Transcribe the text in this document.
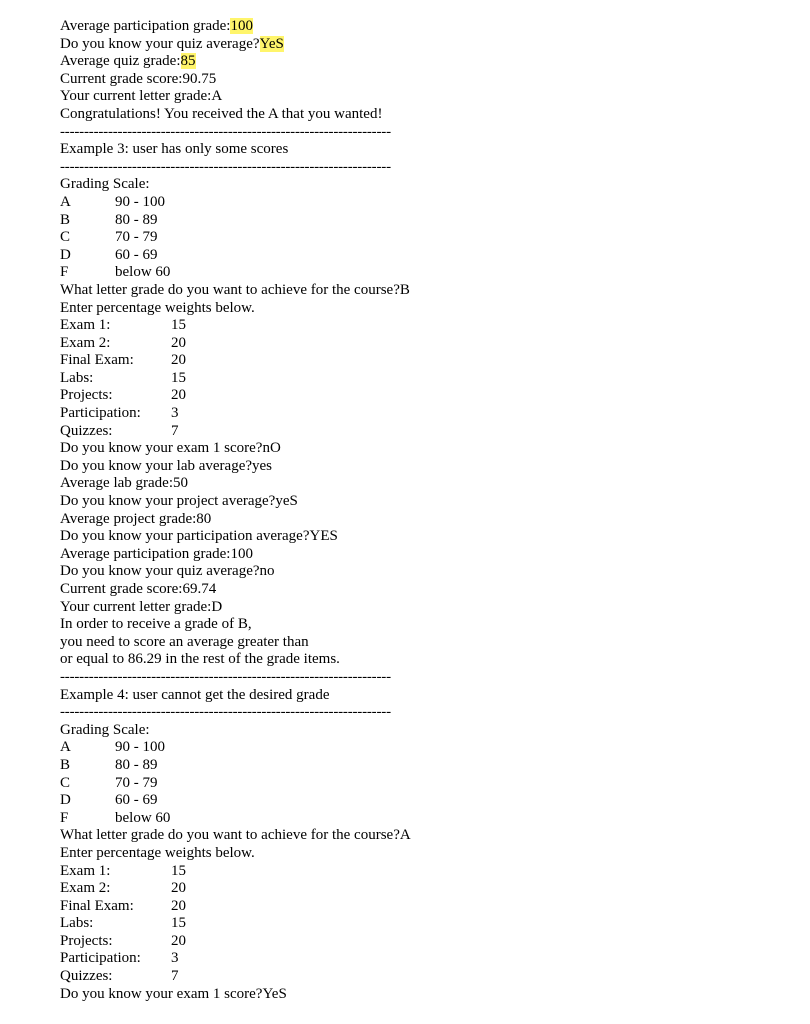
Average participation grade:100
Do you know your quiz average?YeS
Average quiz grade:85
Current grade score:90.75
Your current letter grade:A
Congratulations! You received the A that you wanted!
---------------------------------------------------------------------
Example 3: user has only some scores
---------------------------------------------------------------------
Grading Scale:
A	90 - 100
B	80 - 89
C	70 - 79
D	60 - 69
F	below 60
What letter grade do you want to achieve for the course?B
Enter percentage weights below.
Exam 1:	15
Exam 2:	20
Final Exam: 20
Labs:	15
Projects:	20
Participation: 3
Quizzes:	7
Do you know your exam 1 score?nO
Do you know your lab average?yes
Average lab grade:50
Do you know your project average?yeS
Average project grade:80
Do you know your participation average?YES
Average participation grade:100
Do you know your quiz average?no
Current grade score:69.74
Your current letter grade:D
In order to receive a grade of B,
you need to score an average greater than
or equal to 86.29 in the rest of the grade items.
---------------------------------------------------------------------
Example 4: user cannot get the desired grade
---------------------------------------------------------------------
Grading Scale:
A	90 - 100
B	80 - 89
C	70 - 79
D	60 - 69
F	below 60
What letter grade do you want to achieve for the course?A
Enter percentage weights below.
Exam 1:	15
Exam 2:	20
Final Exam: 20
Labs:	15
Projects:	20
Participation: 3
Quizzes:	7
Do you know your exam 1 score?YeS
